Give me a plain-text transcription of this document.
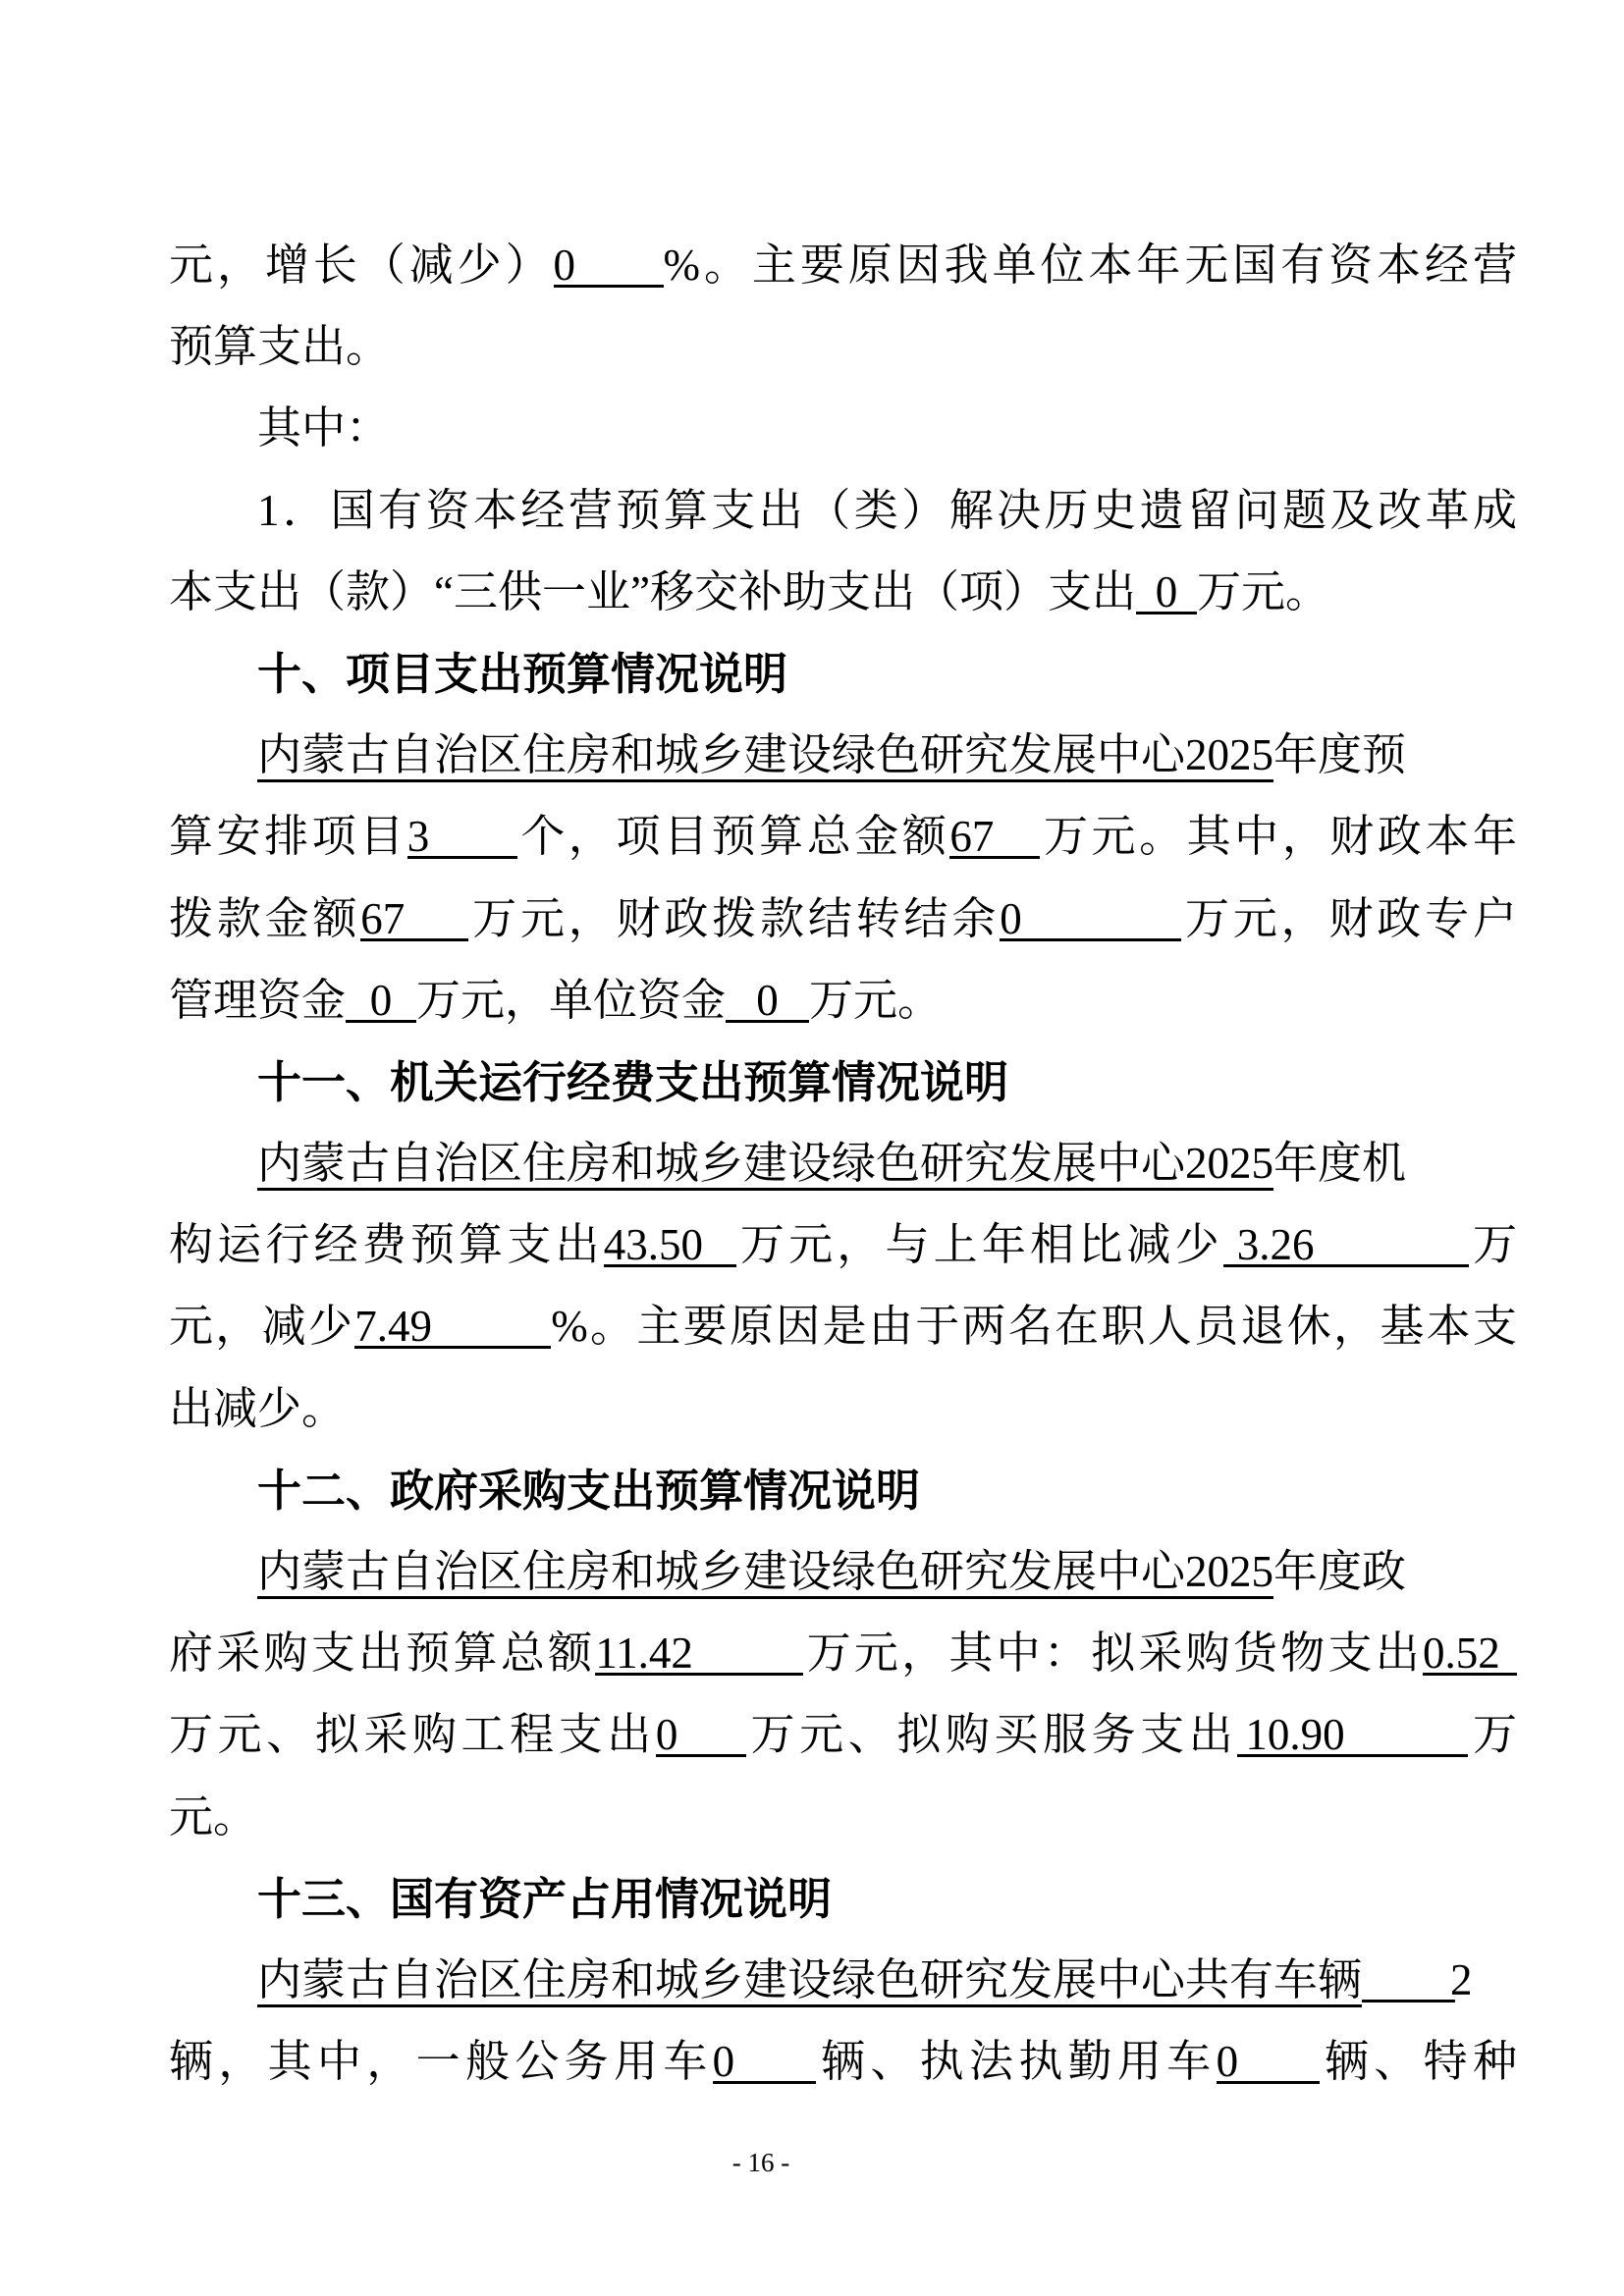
元，增长（减少）0 %。主要原因我单位本年无国有资本经营
预算支出。
其中：
1．国有资本经营预算支出（类）解决历史遗留问题及改革成
本支出（款）“三供一业”移交补助支出（项）支出 0 万元。
十、项目支出预算情况说明
内蒙古自治区住房和城乡建设绿色研究发展中心2025年度预
算安排项目3 个，项目预算总金额67 万元。其中，财政本年
拨款金额67 万元，财政拨款结转结余0	万元，财政专户
管理资金 0 万元，单位资金 0 万元。
十一、机关运行经费支出预算情况说明
内蒙古自治区住房和城乡建设绿色研究发展中心2025年度机
构运行经费预算支出43.50 万元，与上年相比减少 3.26	万
元，减少7.49	%。主要原因是由于两名在职人员退休，基本支
出减少。
十二、政府采购支出预算情况说明
内蒙古自治区住房和城乡建设绿色研究发展中心2025年度政
府采购支出预算总额11.42 万元，其中：拟采购货物支出0.52
万元、拟采购工程支出0 万元、拟购买服务支出 10.90	万
元。
十三、国有资产占用情况说明
内蒙古自治区住房和城乡建设绿色研究发展中心共有车辆 2
辆，其中，一般公务用车0 辆、执法执勤用车0 辆、特种
- 16 -
